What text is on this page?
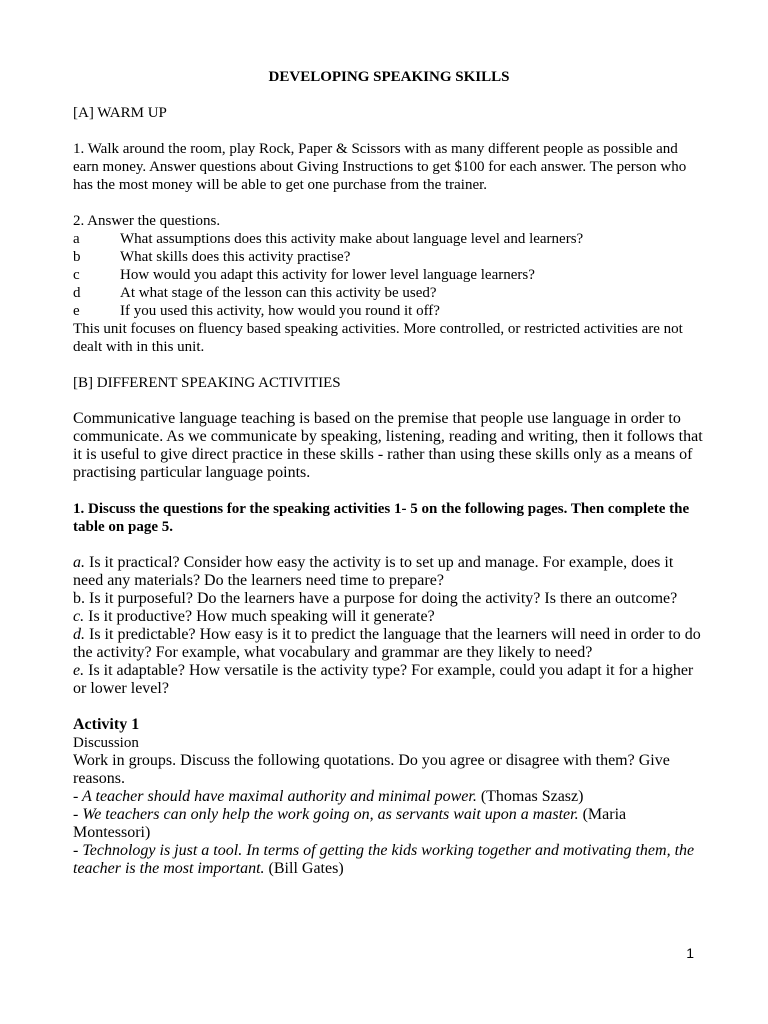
DEVELOPING SPEAKING SKILLS

[A] WARM UP

1. Walk around the room, play Rock, Paper & Scissors with as many different people as possible and earn money. Answer questions about Giving Instructions to get $100 for each answer. The person who has the most money will be able to get one purchase from the trainer.

2. Answer the questions.

a	What assumptions does this activity make about language level and learners?
b	What skills does this activity practise?
c	How would you adapt this activity for lower level language learners?
d	At what stage of the lesson can this activity be used?
e	If you used this activity, how would you round it off?

This unit focuses on fluency based speaking activities. More controlled, or restricted activities are not dealt with in this unit.

[B] DIFFERENT SPEAKING ACTIVITIES

Communicative language teaching is based on the premise that people use language in order to communicate. As we communicate by speaking, listening, reading and writing, then it follows that it is useful to give direct practice in these skills - rather than using these skills only as a means of practising particular language points.

1. Discuss the questions for the speaking activities 1- 5 on the following pages. Then complete the table on page 5.

a. Is it practical? Consider how easy the activity is to set up and manage. For example, does it need any materials? Do the learners need time to prepare?

b. Is it purposeful? Do the learners have a purpose for doing the activity? Is there an outcome?

c. Is it productive? How much speaking will it generate?

d. Is it predictable? How easy is it to predict the language that the learners will need in order to do the activity? For example, what vocabulary and grammar are they likely to need?

e. Is it adaptable? How versatile is the activity type? For example, could you adapt it for a higher or lower level?

Activity 1

Discussion

Work in groups. Discuss the following quotations. Do you agree or disagree with them? Give reasons.

- A teacher should have maximal authority and minimal power. (Thomas Szasz)

- We teachers can only help the work going on, as servants wait upon a master. (Maria Montessori)

- Technology is just a tool. In terms of getting the kids working together and motivating them, the teacher is the most important. (Bill Gates)

1
